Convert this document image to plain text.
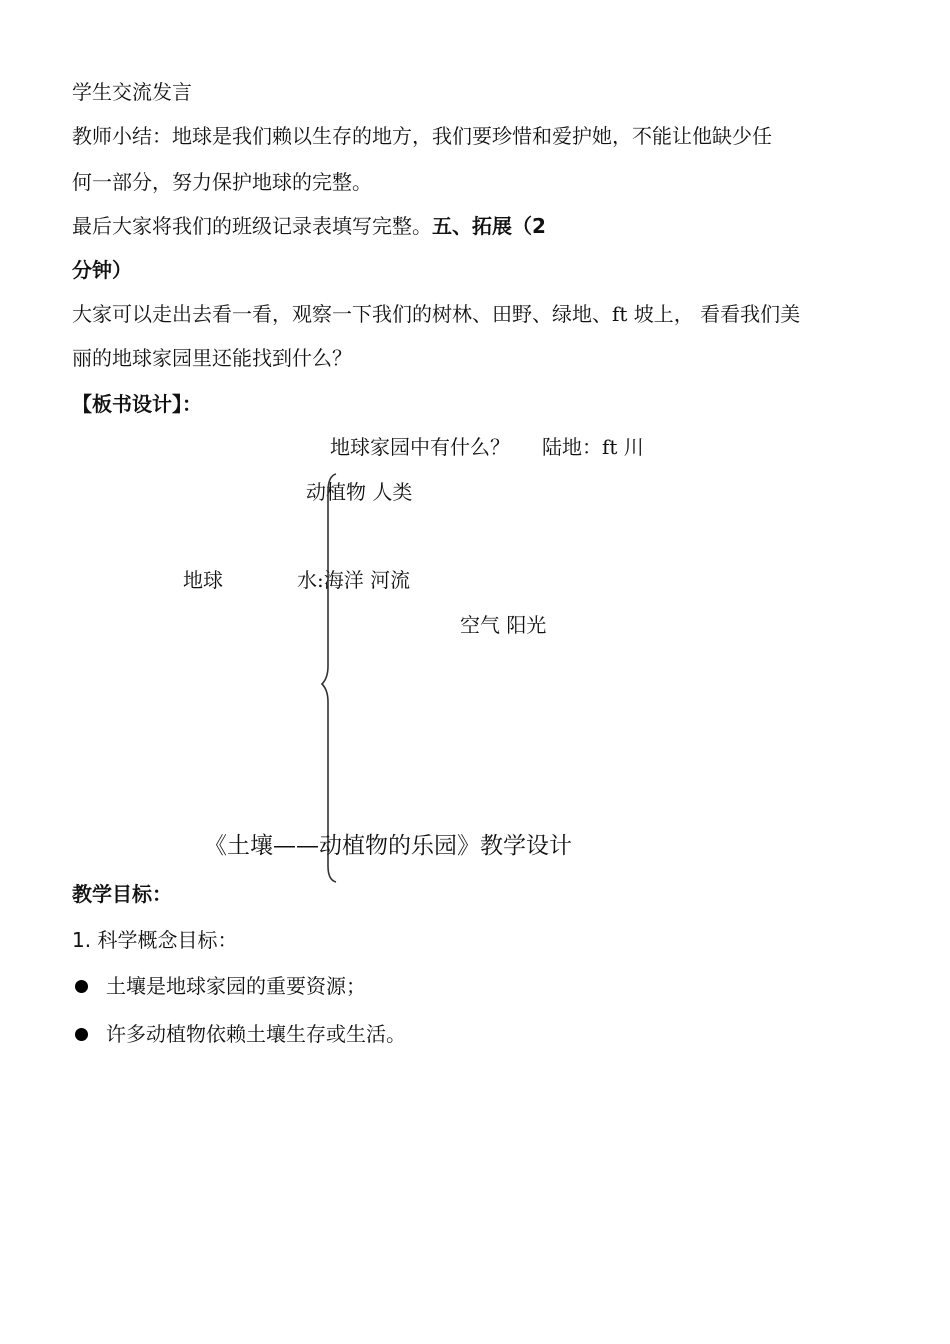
学生交流发言
教师小结：地球是我们赖以生存的地方，我们要珍惜和爱护她，不能让他缺少任
何一部分，努力保护地球的完整。
最后大家将我们的班级记录表填写完整。五、拓展（2
分钟）
大家可以走出去看一看，观察一下我们的树林、田野、绿地、ft 坡上， 看看我们美
丽的地球家园里还能找到什么？
【板书设计】：
地球家园中有什么？ 陆地：ft 川
动植物 人类
地球	水:海洋 河流
空气 阳光
《土壤——动植物的乐园》教学设计
教学目标：
1. 科学概念目标：
土壤是地球家园的重要资源；
许多动植物依赖土壤生存或生活。
